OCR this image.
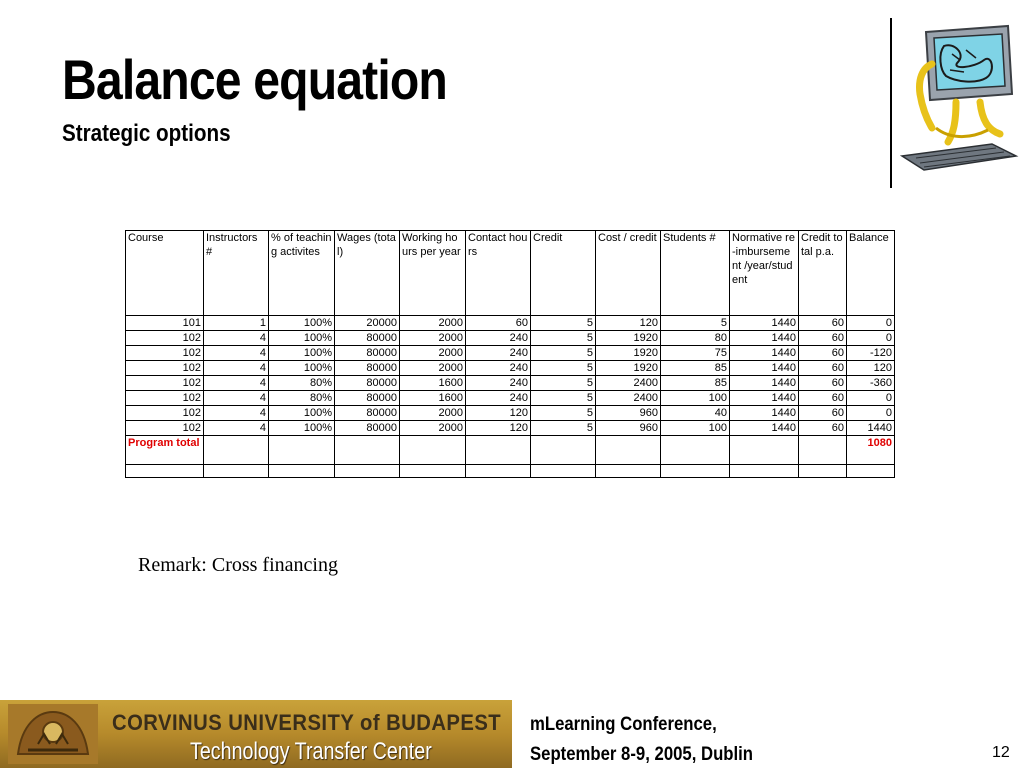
Balance equation
Strategic options
Course	Instructors #	% of teaching activites	Wages (total)	Working hours per year	Contact hours	Credit	Cost / credit	Students #	Normative re-imbursement /year/student	Credit total p.a.	Balance
101	1	100%	20000	2000	60	5	120	5	1440	60	0
102	4	100%	80000	2000	240	5	1920	80	1440	60	0
102	4	100%	80000	2000	240	5	1920	75	1440	60	-120
102	4	100%	80000	2000	240	5	1920	85	1440	60	120
102	4	80%	80000	1600	240	5	2400	85	1440	60	-360
102	4	80%	80000	1600	240	5	2400	100	1440	60	0
102	4	100%	80000	2000	120	5	960	40	1440	60	0
102	4	100%	80000	2000	120	5	960	100	1440	60	1440
Program total											1080

Remark: Cross financing
CORVINUS UNIVERSITY of BUDAPEST
Technology Transfer Center
mLearning Conference,
September 8-9, 2005, Dublin	12
